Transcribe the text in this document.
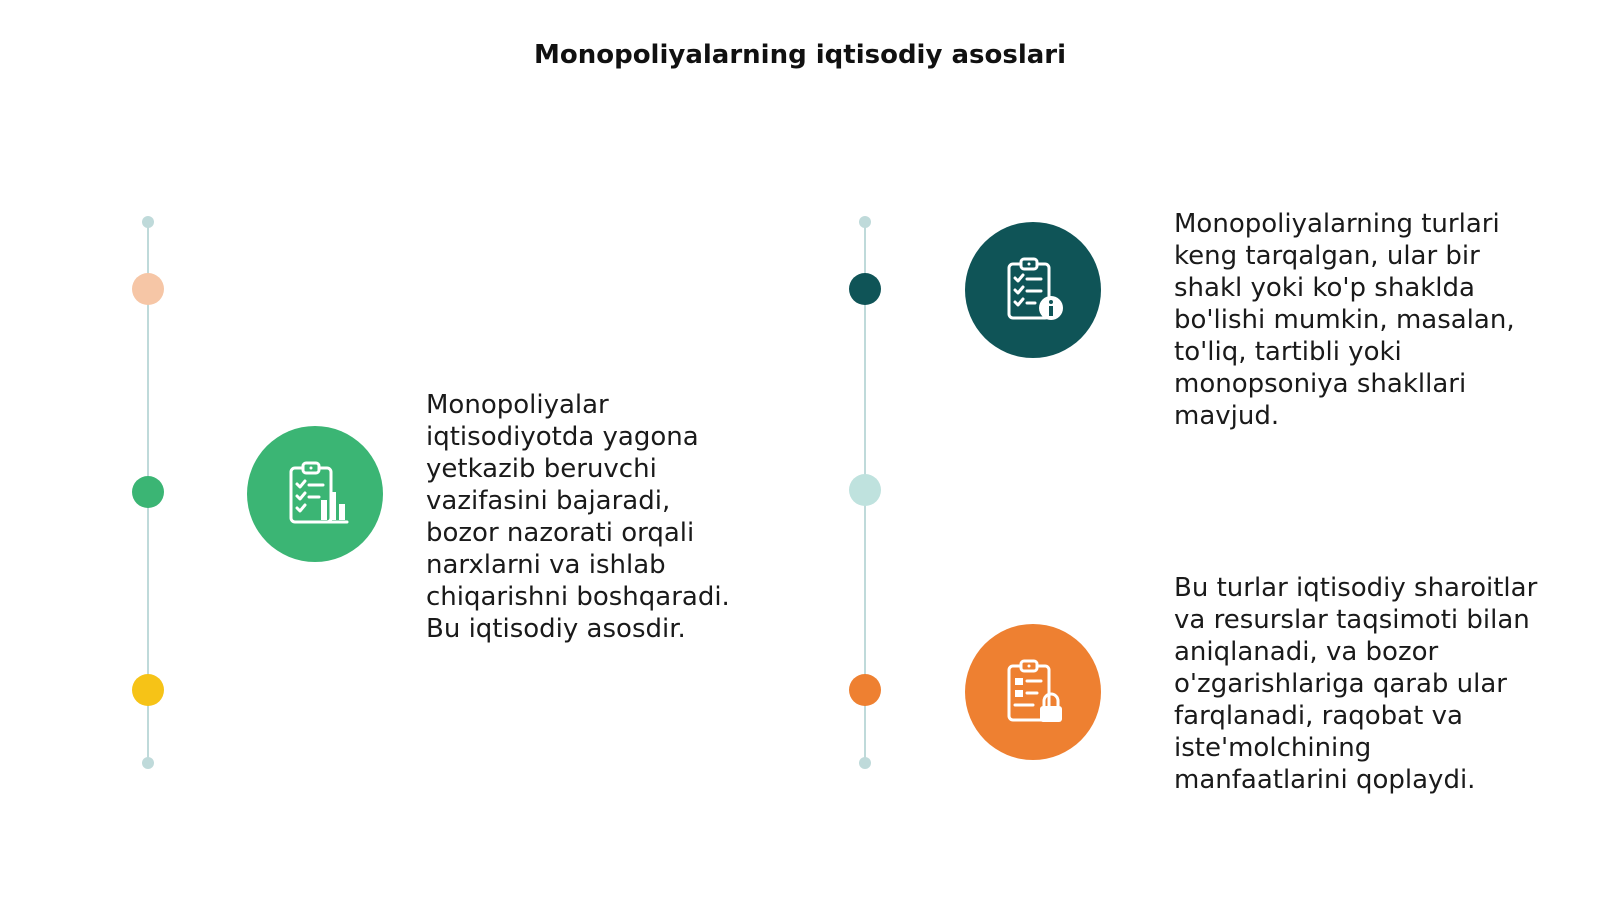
Monopoliyalarning iqtisodiy asoslari
Monopoliyalar
iqtisodiyotda yagona
yetkazib beruvchi
vazifasini bajaradi,
bozor nazorati orqali
narxlarni va ishlab
chiqarishni boshqaradi.
Bu iqtisodiy asosdir.
Monopoliyalarning turlari
keng tarqalgan, ular bir
shakl yoki ko'p shaklda
bo'lishi mumkin, masalan,
to'liq, tartibli yoki
monopsoniya shakllari
mavjud.
Bu turlar iqtisodiy sharoitlar
va resurslar taqsimoti bilan
aniqlanadi, va bozor
o'zgarishlariga qarab ular
farqlanadi, raqobat va
iste'molchining
manfaatlarini qoplaydi.
